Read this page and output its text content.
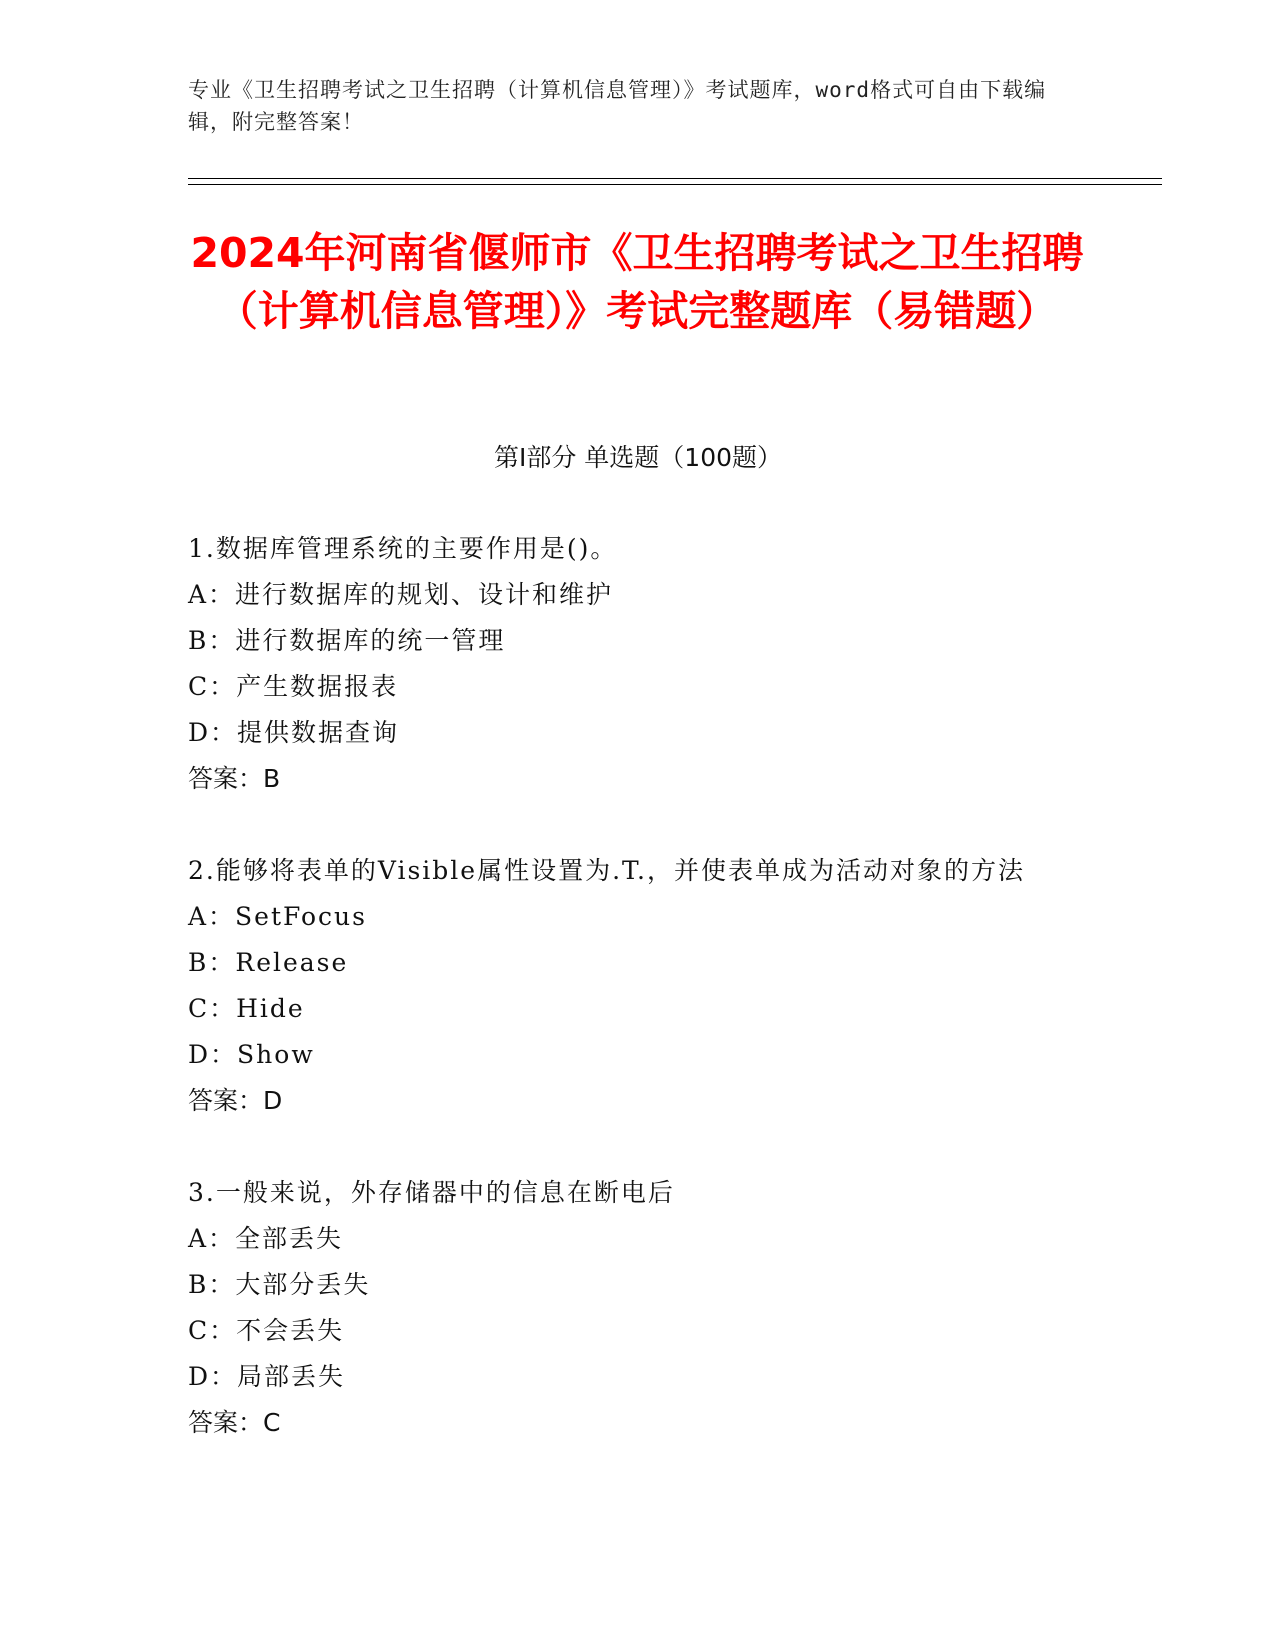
专业《卫生招聘考试之卫生招聘（计算机信息管理）》考试题库，word格式可自由下载编辑，附完整答案！
2024年河南省偃师市《卫生招聘考试之卫生招聘（计算机信息管理）》考试完整题库（易错题）
第I部分 单选题（100题）
1.数据库管理系统的主要作用是()。
A：进行数据库的规划、设计和维护
B：进行数据库的统一管理
C：产生数据报表
D：提供数据查询
答案：B
2.能够将表单的Visible属性设置为.T.，并使表单成为活动对象的方法
A：SetFocus
B：Release
C：Hide
D：Show
答案：D
3.一般来说，外存储器中的信息在断电后
A：全部丢失
B：大部分丢失
C：不会丢失
D：局部丢失
答案：C
